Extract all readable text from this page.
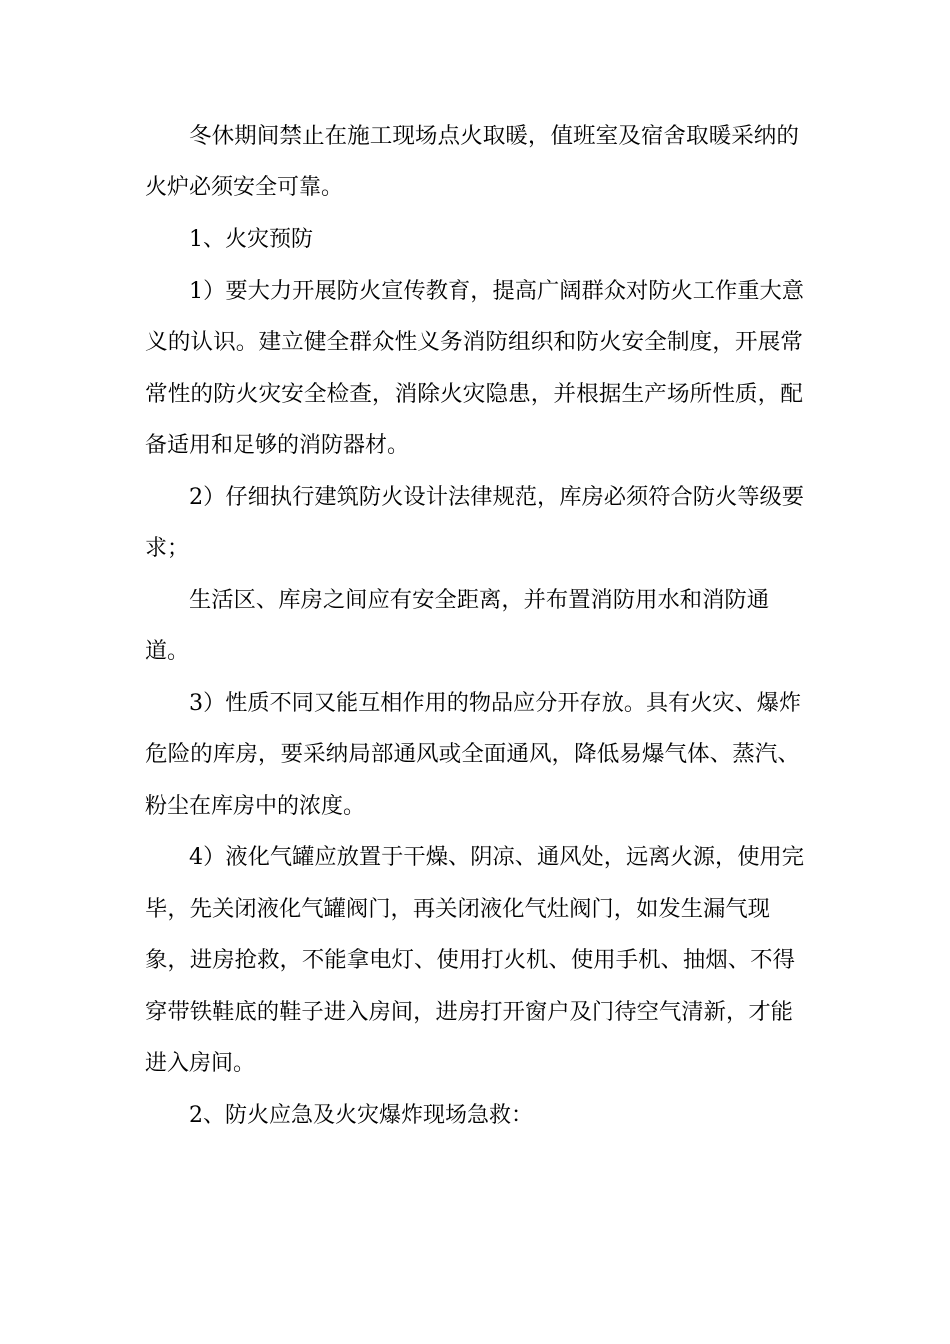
冬休期间禁止在施工现场点火取暖，值班室及宿舍取暖采纳的

火炉必须安全可靠。

1、火灾预防

1）要大力开展防火宣传教育，提高广阔群众对防火工作重大意

义的认识。建立健全群众性义务消防组织和防火安全制度，开展常

常性的防火灾安全检查，消除火灾隐患，并根据生产场所性质，配

备适用和足够的消防器材。

2）仔细执行建筑防火设计法律规范，库房必须符合防火等级要

求；

生活区、库房之间应有安全距离，并布置消防用水和消防通

道。

3）性质不同又能互相作用的物品应分开存放。具有火灾、爆炸

危险的库房，要采纳局部通风或全面通风，降低易爆气体、蒸汽、

粉尘在库房中的浓度。

4）液化气罐应放置于干燥、阴凉、通风处，远离火源，使用完

毕，先关闭液化气罐阀门，再关闭液化气灶阀门，如发生漏气现

象，进房抢救，不能拿电灯、使用打火机、使用手机、抽烟、不得

穿带铁鞋底的鞋子进入房间，进房打开窗户及门待空气清新，才能

进入房间。

2、防火应急及火灾爆炸现场急救：
